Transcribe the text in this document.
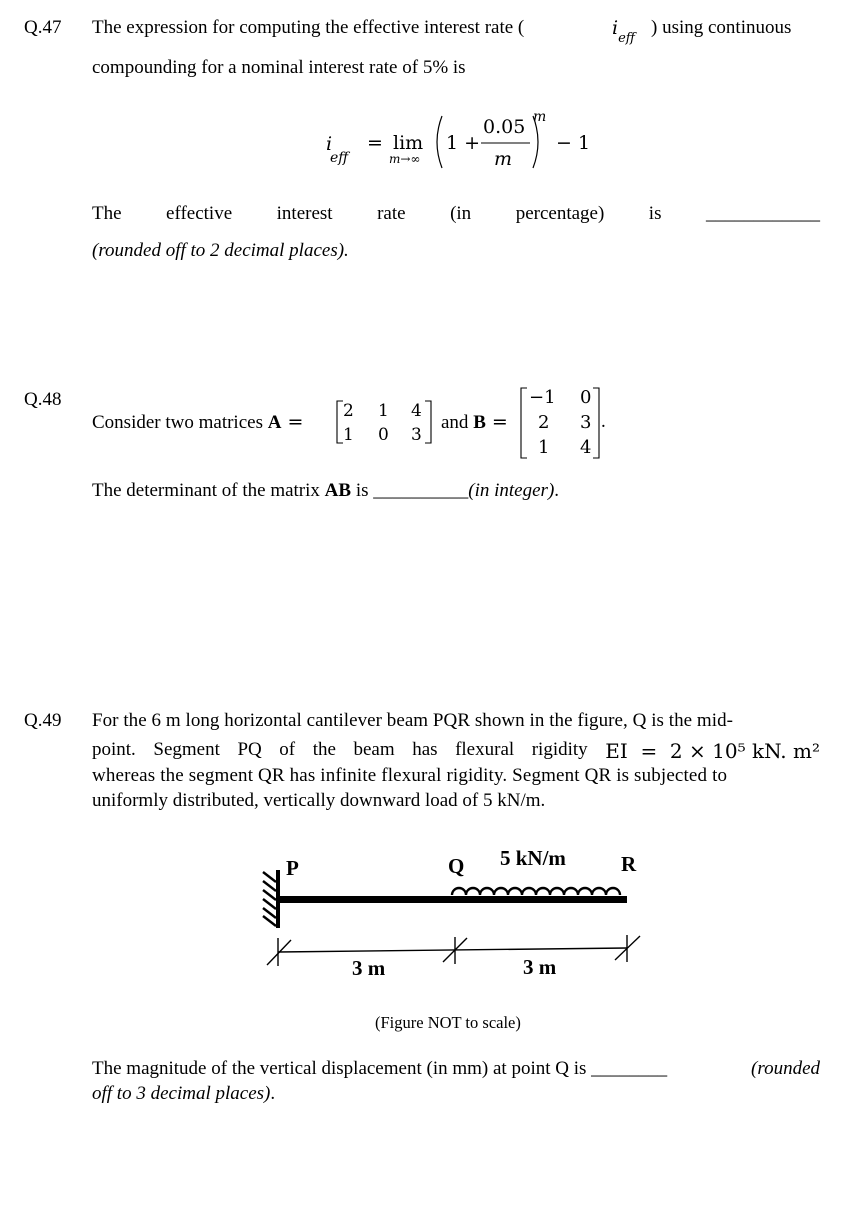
Q.47 The expression for computing the effective interest rate (	$i_{eff}$
) using continuous
compounding for a nominal interest rate of 5% is
i
eff
= lim
m→∞
1 +
0.05
m
m
− 1
The effective interest rate (in percentage) is ____________
(rounded off to 2 decimal places).
Q.48
Consider two matrices A = 2 1 4
1 0 3
and B =
−1 0
2 3
1 4
.
The determinant of the matrix AB is __________(in integer).
Q.49 For the 6 m long horizontal cantilever beam PQR shown in the figure, Q is the mid-
point. Segment PQ of the beam has flexural rigidity EI  =  2 × 10⁵ kN. m²
whereas the segment QR has infinite flexural rigidity. Segment QR is subjected to
uniformly distributed, vertically downward load of 5 kN/m.
P	Q 5 kN/m	R
3 m	3 m
(Figure NOT to scale)
The magnitude of the vertical displacement (in mm) at point Q is ________	(rounded
off to 3 decimal places).
